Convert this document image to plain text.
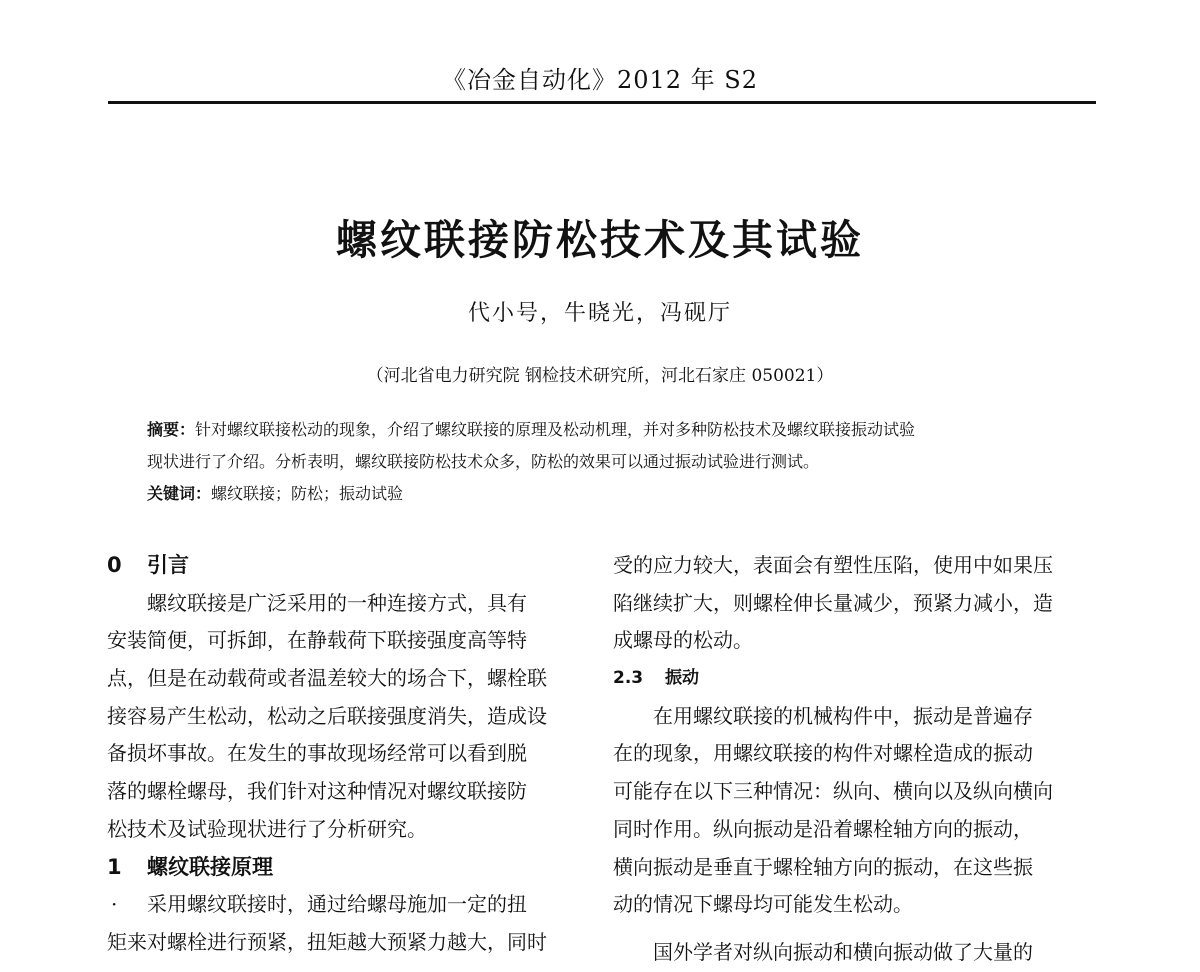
《冶金自动化》2012 年 S2
螺纹联接防松技术及其试验
代小号，牛晓光，冯砚厅
（河北省电力研究院 钢检技术研究所，河北石家庄 050021）
摘要：针对螺纹联接松动的现象，介绍了螺纹联接的原理及松动机理，并对多种防松技术及螺纹联接振动试验
现状进行了介绍。分析表明，螺纹联接防松技术众多，防松的效果可以通过振动试验进行测试。
关键词：螺纹联接；防松；振动试验
0 引言
螺纹联接是广泛采用的一种连接方式，具有
安装简便，可拆卸，在静载荷下联接强度高等特
点，但是在动载荷或者温差较大的场合下，螺栓联
接容易产生松动，松动之后联接强度消失，造成设
备损坏事故。在发生的事故现场经常可以看到脱
落的螺栓螺母，我们针对这种情况对螺纹联接防
松技术及试验现状进行了分析研究。
1 螺纹联接原理
· 采用螺纹联接时，通过给螺母施加一定的扭
矩来对螺栓进行预紧，扭矩越大预紧力越大，同时
受的应力较大，表面会有塑性压陷，使用中如果压
陷继续扩大，则螺栓伸长量减少，预紧力减小，造
成螺母的松动。
2.3 振动
在用螺纹联接的机械构件中，振动是普遍存
在的现象，用螺纹联接的构件对螺栓造成的振动
可能存在以下三种情况：纵向、横向以及纵向横向
同时作用。纵向振动是沿着螺栓轴方向的振动，
横向振动是垂直于螺栓轴方向的振动，在这些振
动的情况下螺母均可能发生松动。
国外学者对纵向振动和横向振动做了大量的
